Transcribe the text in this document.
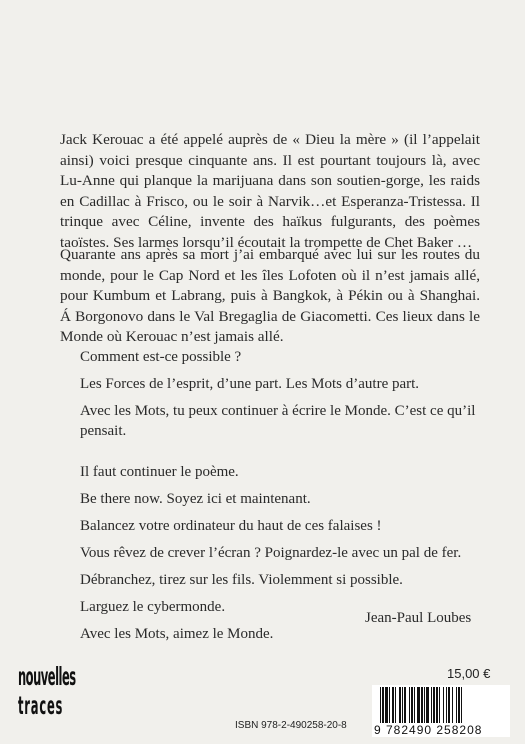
Jack Kerouac a été appelé auprès de « Dieu la mère » (il l’appelait ainsi) voici presque cinquante ans. Il est pourtant toujours là, avec Lu-Anne qui planque la marijuana dans son soutien-gorge, les raids en Cadillac à Frisco, ou le soir à Narvik…et Esperanza-Tristessa. Il trinque avec Céline, invente des haïkus fulgurants, des poèmes taoïstes. Ses larmes lorsqu’il écoutait la trompette de Chet Baker …
Quarante ans après sa mort j’ai embarqué avec lui sur les routes du monde, pour le Cap Nord et les îles Lofoten où il n’est jamais allé, pour Kumbum et Labrang, puis à Bangkok, à Pékin ou à Shanghai. Á Borgonovo dans le Val Bregaglia de Giacometti. Ces lieux dans le Monde où Kerouac n’est jamais allé.
Comment est-ce possible ?
Les Forces de l’esprit, d’une part. Les Mots d’autre part.
Avec les Mots, tu peux continuer à écrire le Monde. C’est ce qu’il pensait.
Il faut continuer le poème.
Be there now. Soyez ici et maintenant.
Balancez votre ordinateur du haut de ces falaises !
Vous rêvez de crever l’écran ? Poignardez-le avec un pal de fer.
Débranchez, tirez sur les fils. Violemment si possible.
Larguez le cybermonde.
Avec les Mots, aimez le Monde.
Jean-Paul Loubes
nouvelles
traces
15,00 €
ISBN 978-2-490258-20-8 9 782490 258208
